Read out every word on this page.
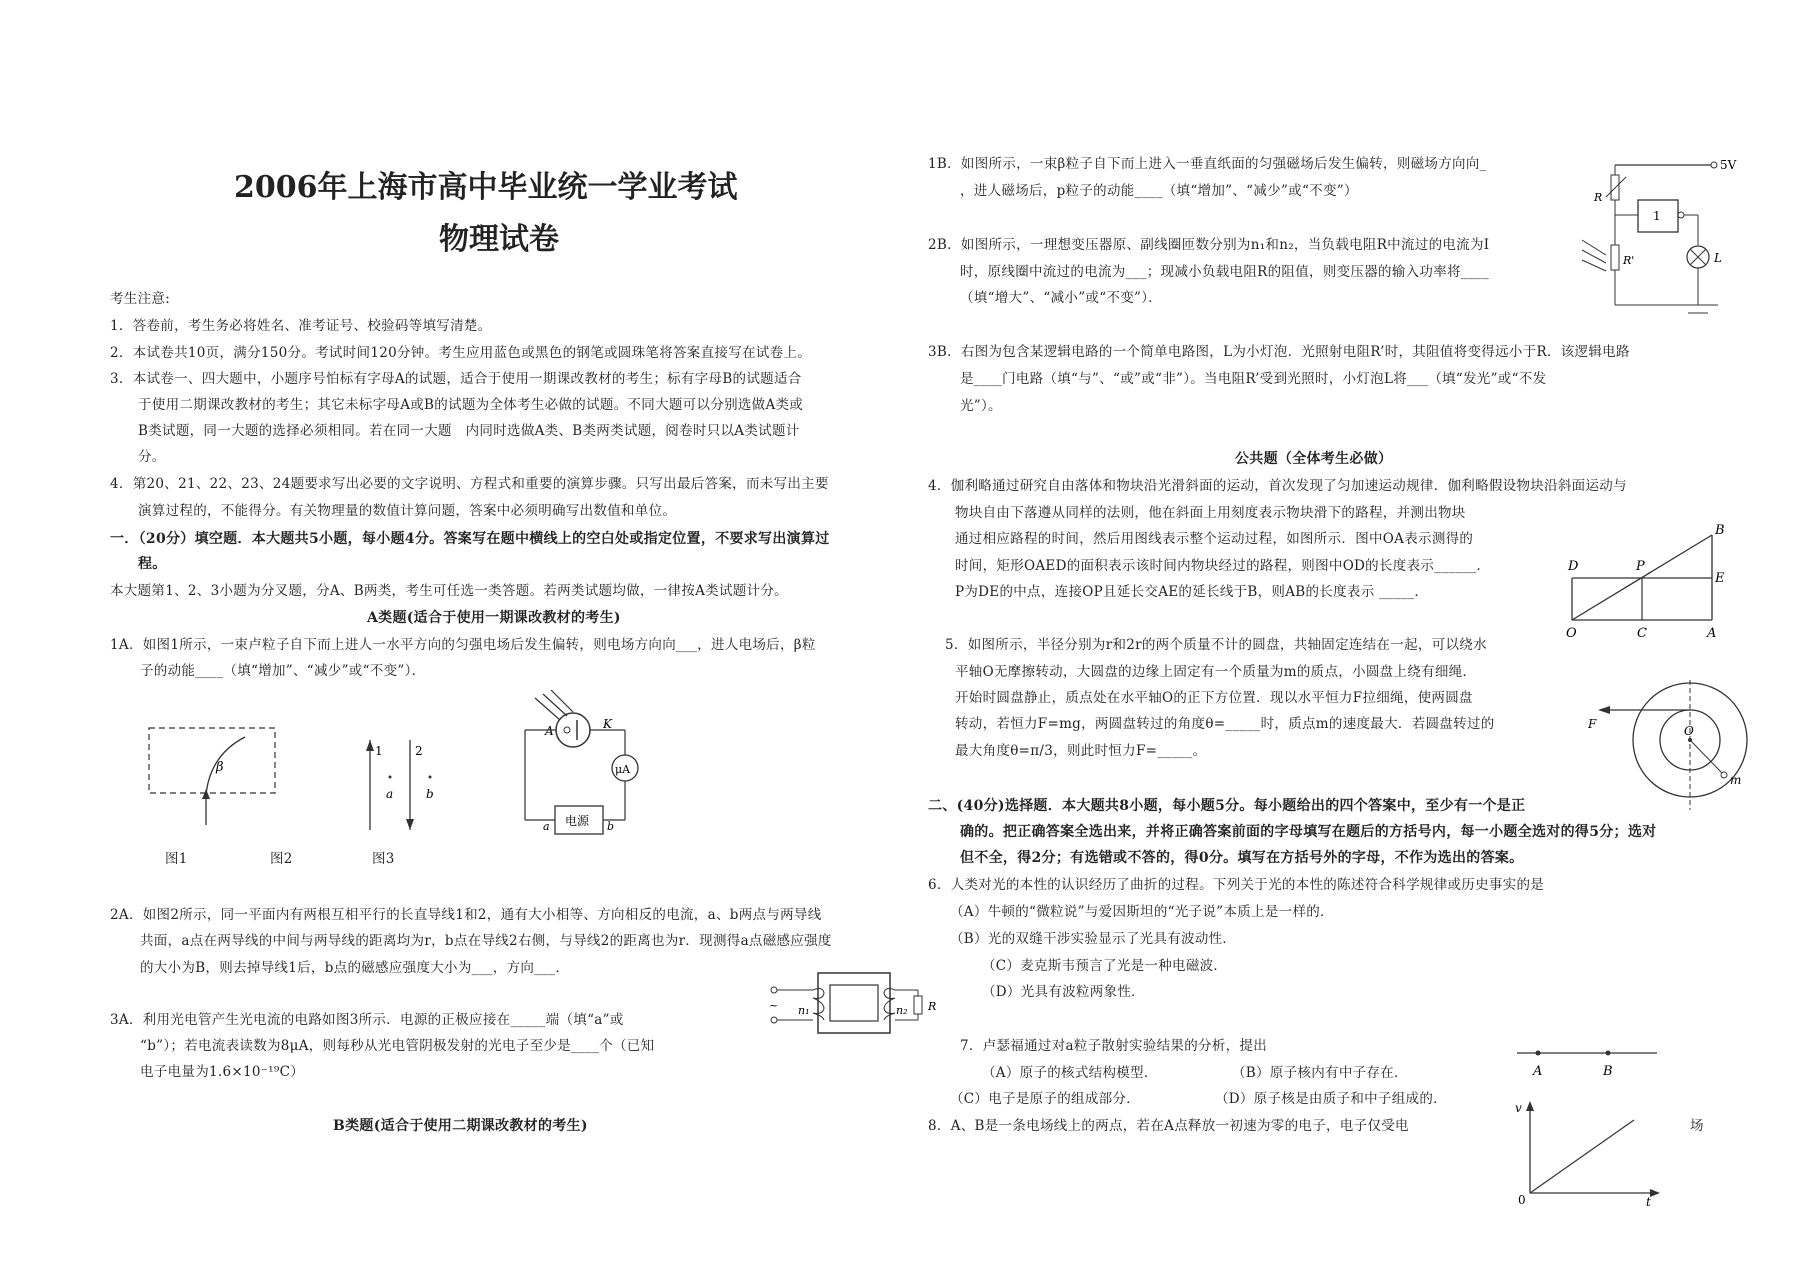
2006年上海市高中毕业统一学业考试
物理试卷
考生注意:
1．答卷前，考生务必将姓名、准考证号、校验码等填写清楚。
2．本试卷共10页，满分150分。考试时间120分钟。考生应用蓝色或黑色的钢笔或圆珠笔将答案直接写在试卷上。
3．本试卷一、四大题中，小题序号怕标有字母A的试题，适合于使用一期课改教材的考生；标有字母B的试题适合
于使用二期课改教材的考生；其它未标字母A或B的试题为全体考生必做的试题。不同大题可以分别选做A类或
B类试题，同一大题的选择必须相同。若在同一大题　内同时选做A类、B类两类试题，阅卷时只以A类试题计
分。
4．第20、21、22、23、24题要求写出必要的文字说明、方程式和重要的演算步骤。只写出最后答案，而未写出主要
演算过程的，不能得分。有关物理量的数值计算问题，答案中必须明确写出数值和单位。
一．（20分）填空题．本大题共5小题，每小题4分。答案写在题中横线上的空白处或指定位置，不要求写出演算过
程。
本大题第1、2、3小题为分叉题，分A、B两类，考生可任选一类答题。若两类试题均做，一律按A类试题计分。
A类题(适合于使用一期课改教材的考生)
1A．如图1所示，一束卢粒子自下而上进人一水平方向的匀强电场后发生偏转，则电场方向向___，进人电场后，β粒
子的动能____（填“增加”、“减少”或“不变”）．
β
1	2
a	b
A	K
μA
电源
a	b
图1	图2	图3
2A．如图2所示，同一平面内有两根互相平行的长直导线1和2，通有大小相等、方向相反的电流，a、b两点与两导线
共面，a点在两导线的中间与两导线的距离均为r，b点在导线2右侧，与导线2的距离也为r．现测得a点磁感应强度
的大小为B，则去掉导线1后，b点的磁感应强度大小为___，方向___．
~ n₁	n₂ R
3A．利用光电管产生光电流的电路如图3所示．电源的正极应接在_____端（填“a”或
“b”）；若电流表读数为8μA，则每秒从光电管阴极发射的光电子至少是____个（已知
电子电量为1.6×10⁻¹⁹C）
B类题(适合于使用二期课改教材的考生)
1B．如图所示，一束β粒子自下而上进入一垂直纸面的匀强磁场后发生偏转，则磁场方向向_
，进人磁场后，p粒子的动能____（填“增加”、“减少”或“不变”）
5V
R
1
L
R'
2B．如图所示，一理想变压器原、副线圈匝数分别为n₁和n₂，当负载电阻R中流过的电流为I
时，原线圈中流过的电流为___；现减小负载电阻R的阻值，则变压器的输入功率将____
（填“增大”、“减小”或“不变”）．
3B．右图为包含某逻辑电路的一个简单电路图，L为小灯泡．光照射电阻R’时，其阻值将变得远小于R．该逻辑电路
是____门电路（填“与”、“或”或“非”）。当电阻R’受到光照时，小灯泡L将___（填“发光”或“不发
光”）。
公共题（全体考生必做）
4．伽利略通过研究自由落体和物块沿光滑斜面的运动，首次发现了匀加速运动规律．伽利略假设物块沿斜面运动与
物块自由下落遵从同样的法则，他在斜面上用刻度表示物块滑下的路程，并测出物块
通过相应路程的时间，然后用图线表示整个运动过程，如图所示．图中OA表示测得的
时间，矩形OAED的面积表示该时间内物块经过的路程，则图中OD的长度表示______．
P为DE的中点，连接OP且延长交AE的延长线于B，则AB的长度表示 _____．
D	P
B
E
O	C	A
5．如图所示，半径分别为r和2r的两个质量不计的圆盘，共轴固定连结在一起，可以绕水
平轴O无摩擦转动，大圆盘的边缘上固定有一个质量为m的质点，小圆盘上绕有细绳．
开始时圆盘静止，质点处在水平轴O的正下方位置．现以水平恒力F拉细绳，使两圆盘
转动，若恒力F=mg，两圆盘转过的角度θ=_____时，质点m的速度最大．若圆盘转过的
最大角度θ=π/3，则此时恒力F=_____。
F	O
m
二、(40分)选择题．本大题共8小题，每小题5分。每小题给出的四个答案中，至少有一个是正
确的。把正确答案全选出来，并将正确答案前面的字母填写在题后的方括号内，每一小题全选对的得5分；选对
但不全，得2分；有选错或不答的，得0分。填写在方括号外的字母，不作为选出的答案。
6．人类对光的本性的认识经历了曲折的过程。下列关于光的本性的陈述符合科学规律或历史事实的是
（A）牛顿的“微粒说”与爱因斯坦的“光子说”本质上是一样的．
（B）光的双缝干涉实验显示了光具有波动性．
（C）麦克斯韦预言了光是一种电磁波．
（D）光具有波粒两象性．
7．卢瑟福通过对a粒子散射实验结果的分析，提出
（A）原子的核式结构模型．	（B）原子核内有中子存在．
（C）电子是原子的组成部分．	（D）原子核是由质子和中子组成的．
A	B
8．A、B是一条电场线上的两点，若在A点释放一初速为零的电子，电子仅受电	场
v
0	t
